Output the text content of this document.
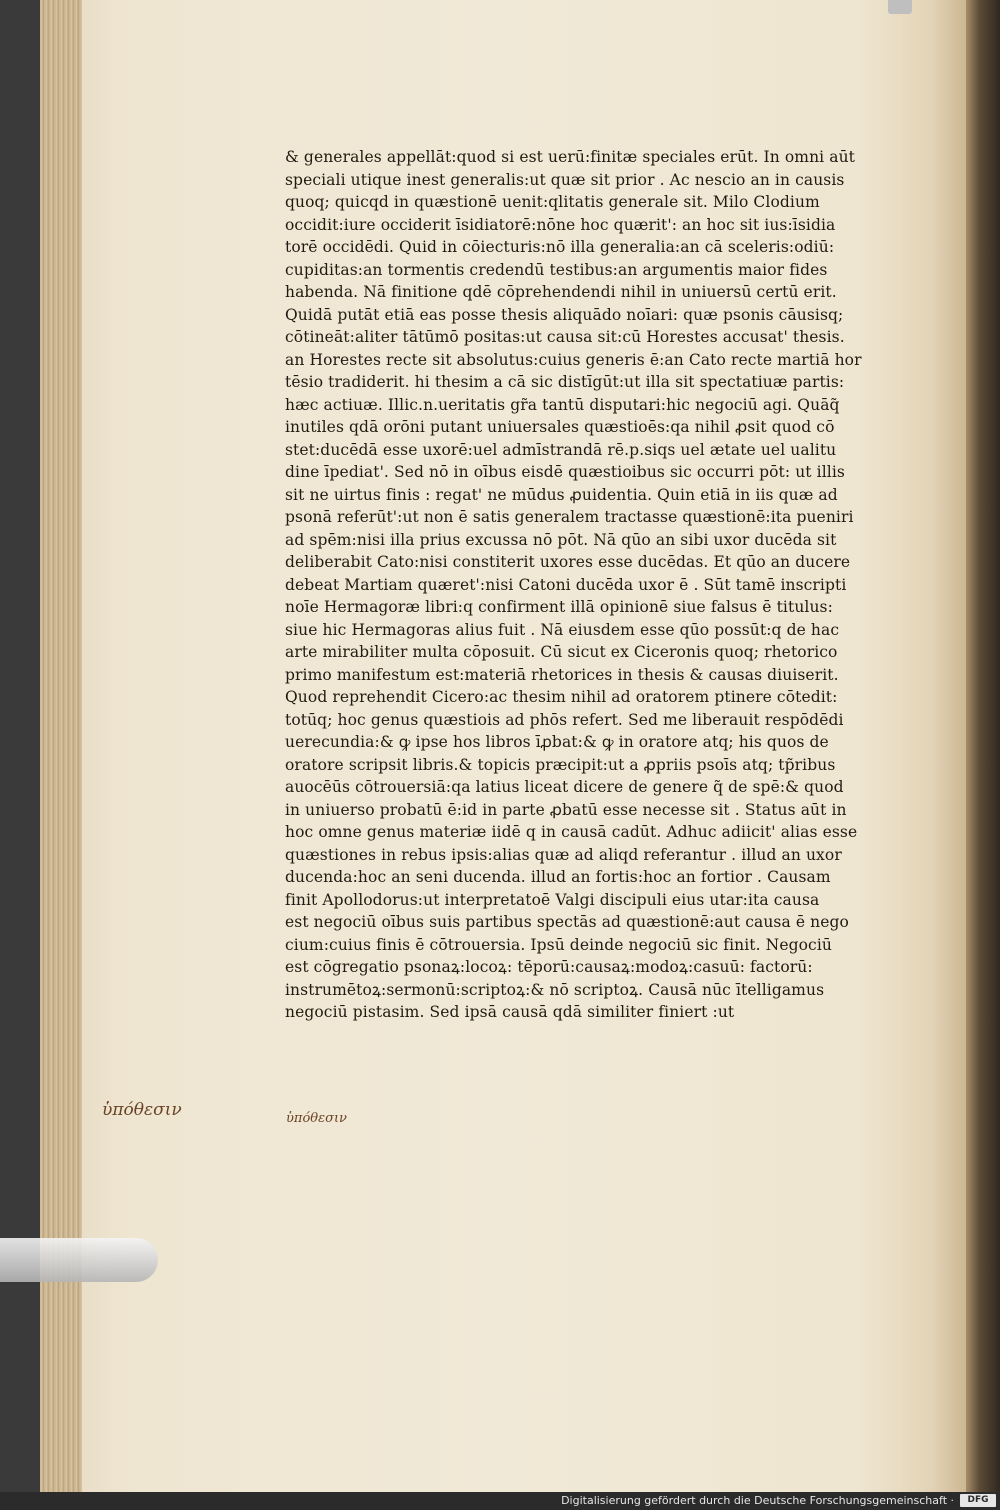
& generales appellāt:quod si est uerū:finitæ speciales erūt. In omni aūt
speciali utique inest generalis:ut quæ sit prior . Ac nescio an in causis
quoq; quicqd in quæstionē uenit:qlitatis generale sit. Milo Clodium
occidit:iure occiderit īsidiatorē:nōne hoc quærit': an hoc sit ius:īsidia
torē occidēdi. Quid in cōiecturis:nō illa generalia:an cā sceleris:odiū:
cupiditas:an tormentis credendū testibus:an argumentis maior fides
habenda. Nā finitione qdē cōprehendendi nihil in uniuersū certū erit.
Quidā putāt etiā eas posse thesis aliquādo noīari: quæ psonis cāusisq;
cōtineāt:aliter tātūmō positas:ut causa sit:cū Horestes accusat' thesis.
an Horestes recte sit absolutus:cuius generis ē:an Cato recte martiā hor
tēsio tradiderit. hi thesim a cā sic distīgūt:ut illa sit spectatiuæ partis:
hæc actiuæ. Illic.n.ueritatis gr̃a tantū disputari:hic negociū agi. Quāq̃
inutiles qdā orōni putant uniuersales quæstioēs:qa nihil ꝓsit quod cō
stet:ducēdā esse uxorē:uel admīstrandā rē.p.siqs uel ætate uel ualitu
dine īpediat'. Sed nō in oībus eisdē quæstioibus sic occurri pōt: ut illis
sit ne uirtus finis : regat' ne mūdus ꝓuidentia. Quin etiā in iis quæ ad
psonā referūt':ut non ē satis generalem tractasse quæstionē:ita pueniri
ad spēm:nisi illa prius excussa nō pōt. Nā qūo an sibi uxor ducēda sit
deliberabit Cato:nisi constiterit uxores esse ducēdas. Et qūo an ducere
debeat Martiam quæret':nisi Catoni ducēda uxor ē . Sūt tamē inscripti
noīe Hermagoræ libri:q confirment illā opinionē siue falsus ē titulus:
siue hic Hermagoras alius fuit . Nā eiusdem esse qūo possūt:q de hac
arte mirabiliter multa cōposuit. Cū sicut ex Ciceronis quoq; rhetorico
primo manifestum est:materiā rhetorices in thesis & causas diuiserit.
Quod reprehendit Cicero:ac thesim nihil ad oratorem ptinere cōtedit:
totūq; hoc genus quæstiois ad phōs refert. Sed me liberauit respōdēdi
uerecundia:& ꝙ ipse hos libros īꝓbat:& ꝙ in oratore atq; his quos de
oratore scripsit libris.& topicis præcipit:ut a ꝓpriis psoīs atq; tp̃ribus
auocēūs cōtrouersiā:qa latius liceat dicere de genere q̃ de spē:& quod
in uniuerso probatū ē:id in parte ꝓbatū esse necesse sit . Status aūt in
hoc omne genus materiæ iidē q in causā cadūt. Adhuc adiicit' alias esse
quæstiones in rebus ipsis:alias quæ ad aliqd referantur . illud an uxor
ducenda:hoc an seni ducenda. illud an fortis:hoc an fortior . Causam
finit Apollodorus:ut interpretatoē Valgi discipuli eius utar:ita causa
est negociū oībus suis partibus spectās ad quæstionē:aut causa ē nego
cium:cuius finis ē cōtrouersia. Ipsū deinde negociū sic finit. Negociū
est cōgregatio psonaꝝ:locoꝝ: tēporū:causaꝝ:modoꝝ:casuū: factorū:
instrumētoꝝ:sermonū:scriptoꝝ:& nō scriptoꝝ. Causā nūc ītelligamus
negociū pistasim. Sed ipsā causā qdā similiter finiert :ut
ὑπόθεσιν	ὑπόθεσιν
Digitalisierung gefördert durch die Deutsche Forschungsgemeinschaft ·	DFG
